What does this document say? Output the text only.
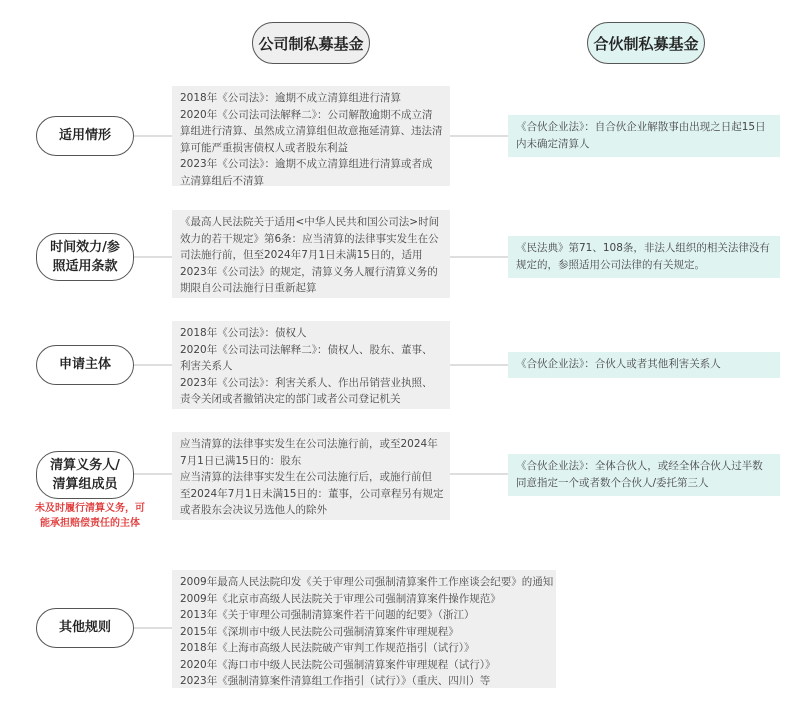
公司制私募基金	合伙制私募基金
适用情形
2018年《公司法》：逾期不成立清算组进行清算
2020年《公司法司法解释二》：公司解散逾期不成立清
算组进行清算、虽然成立清算组但故意拖延清算、违法清
算可能严重损害债权人或者股东利益
2023年《公司法》：逾期不成立清算组进行清算或者成
立清算组后不清算
《合伙企业法》：自合伙企业解散事由出现之日起15日
内未确定清算人
时间效力/参
照适用条款
《最高人民法院关于适用<中华人民共和国公司法>时间
效力的若干规定》第6条：应当清算的法律事实发生在公
司法施行前，但至2024年7月1日未满15日的，适用
2023年《公司法》的规定，清算义务人履行清算义务的
期限自公司法施行日重新起算
《民法典》第71、108条，非法人组织的相关法律没有
规定的，参照适用公司法律的有关规定。
申请主体
2018年《公司法》：债权人
2020年《公司法司法解释二》：债权人、股东、董事、
利害关系人
2023年《公司法》：利害关系人、作出吊销营业执照、
责令关闭或者撤销决定的部门或者公司登记机关
《合伙企业法》：合伙人或者其他利害关系人
清算义务人/
清算组成员
未及时履行清算义务，可
能承担赔偿责任的主体
应当清算的法律事实发生在公司法施行前，或至2024年
7月1日已满15日的：股东
应当清算的法律事实发生在公司法施行后，或施行前但
至2024年7月1日未满15日的：董事，公司章程另有规定
或者股东会决议另选他人的除外
《合伙企业法》：全体合伙人，或经全体合伙人过半数
同意指定一个或者数个合伙人/委托第三人
其他规则
2009年最高人民法院印发《关于审理公司强制清算案件工作座谈会纪要》的通知
2009年《北京市高级人民法院关于审理公司强制清算案件操作规范》
2013年《关于审理公司强制清算案件若干问题的纪要》（浙江）
2015年《深圳市中级人民法院公司强制清算案件审理规程》
2018年《上海市高级人民法院破产审判工作规范指引（试行）》
2020年《海口市中级人民法院公司强制清算案件审理规程（试行）》
2023年《强制清算案件清算组工作指引（试行）》（重庆、四川）等
